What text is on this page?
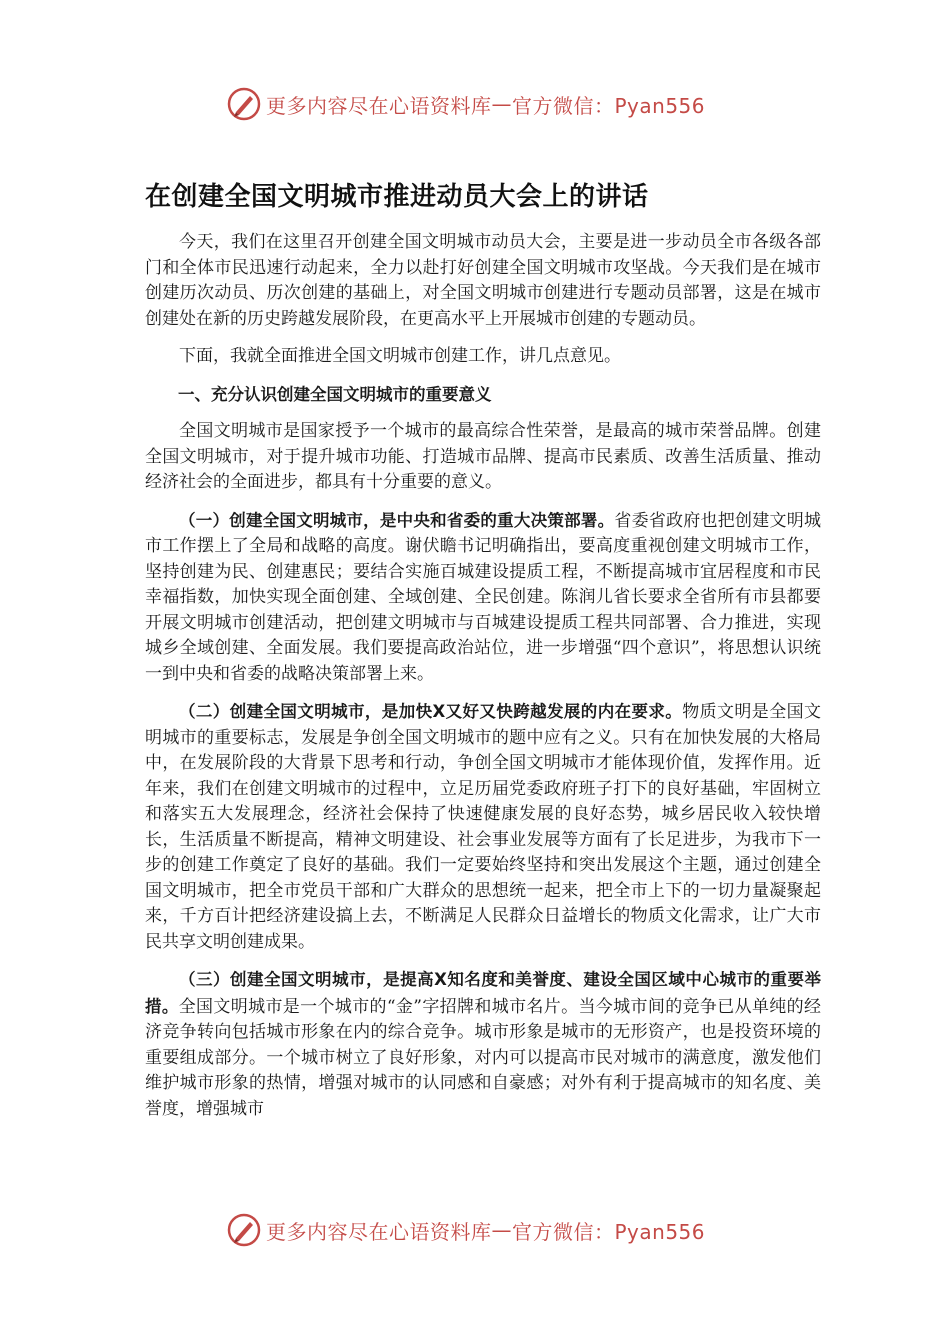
更多内容尽在心语资料库 — 官方微信：Pyan556
在创建全国文明城市推进动员大会上的讲话

今天，我们在这里召开创建全国文明城市动员大会，主要是进一步动员全市各级各部门和全体市民迅速行动起来，全力以赴打好创建全国文明城市攻坚战。今天我们是在城市创建历次动员、历次创建的基础上，对全国文明城市创建进行专题动员部署，这是在城市创建处在新的历史跨越发展阶段，在更高水平上开展城市创建的专题动员。

下面，我就全面推进全国文明城市创建工作，讲几点意见。

一、充分认识创建全国文明城市的重要意义

全国文明城市是国家授予一个城市的最高综合性荣誉，是最高的城市荣誉品牌。创建全国文明城市，对于提升城市功能、打造城市品牌、提高市民素质、改善生活质量、推动经济社会的全面进步，都具有十分重要的意义。

（一）创建全国文明城市，是中央和省委的重大决策部署。省委省政府也把创建文明城市工作摆上了全局和战略的高度。谢伏瞻书记明确指出，要高度重视创建文明城市工作，坚持创建为民、创建惠民；要结合实施百城建设提质工程，不断提高城市宜居程度和市民幸福指数，加快实现全面创建、全域创建、全民创建。陈润儿省长要求全省所有市县都要开展文明城市创建活动，把创建文明城市与百城建设提质工程共同部署、合力推进，实现城乡全域创建、全面发展。我们要提高政治站位，进一步增强“四个意识”，将思想认识统一到中央和省委的战略决策部署上来。

（二）创建全国文明城市，是加快X又好又快跨越发展的内在要求。物质文明是全国文明城市的重要标志，发展是争创全国文明城市的题中应有之义。只有在加快发展的大格局中，在发展阶段的大背景下思考和行动，争创全国文明城市才能体现价值，发挥作用。近年来，我们在创建文明城市的过程中，立足历届党委政府班子打下的良好基础，牢固树立和落实五大发展理念，经济社会保持了快速健康发展的良好态势，城乡居民收入较快增长，生活质量不断提高，精神文明建设、社会事业发展等方面有了长足进步，为我市下一步的创建工作奠定了良好的基础。我们一定要始终坚持和突出发展这个主题，通过创建全国文明城市，把全市党员干部和广大群众的思想统一起来，把全市上下的一切力量凝聚起来，千方百计把经济建设搞上去，不断满足人民群众日益增长的物质文化需求，让广大市民共享文明创建成果。

（三）创建全国文明城市，是提高X知名度和美誉度、建设全国区域中心城市的重要举措。全国文明城市是一个城市的“金”字招牌和城市名片。当今城市间的竞争已从单纯的经济竞争转向包括城市形象在内的综合竞争。城市形象是城市的无形资产，也是投资环境的重要组成部分。一个城市树立了良好形象，对内可以提高市民对城市的满意度，激发他们维护城市形象的热情，增强对城市的认同感和自豪感；对外有利于提高城市的知名度、美誉度，增强城市

更多内容尽在心语资料库 — 官方微信：Pyan556
